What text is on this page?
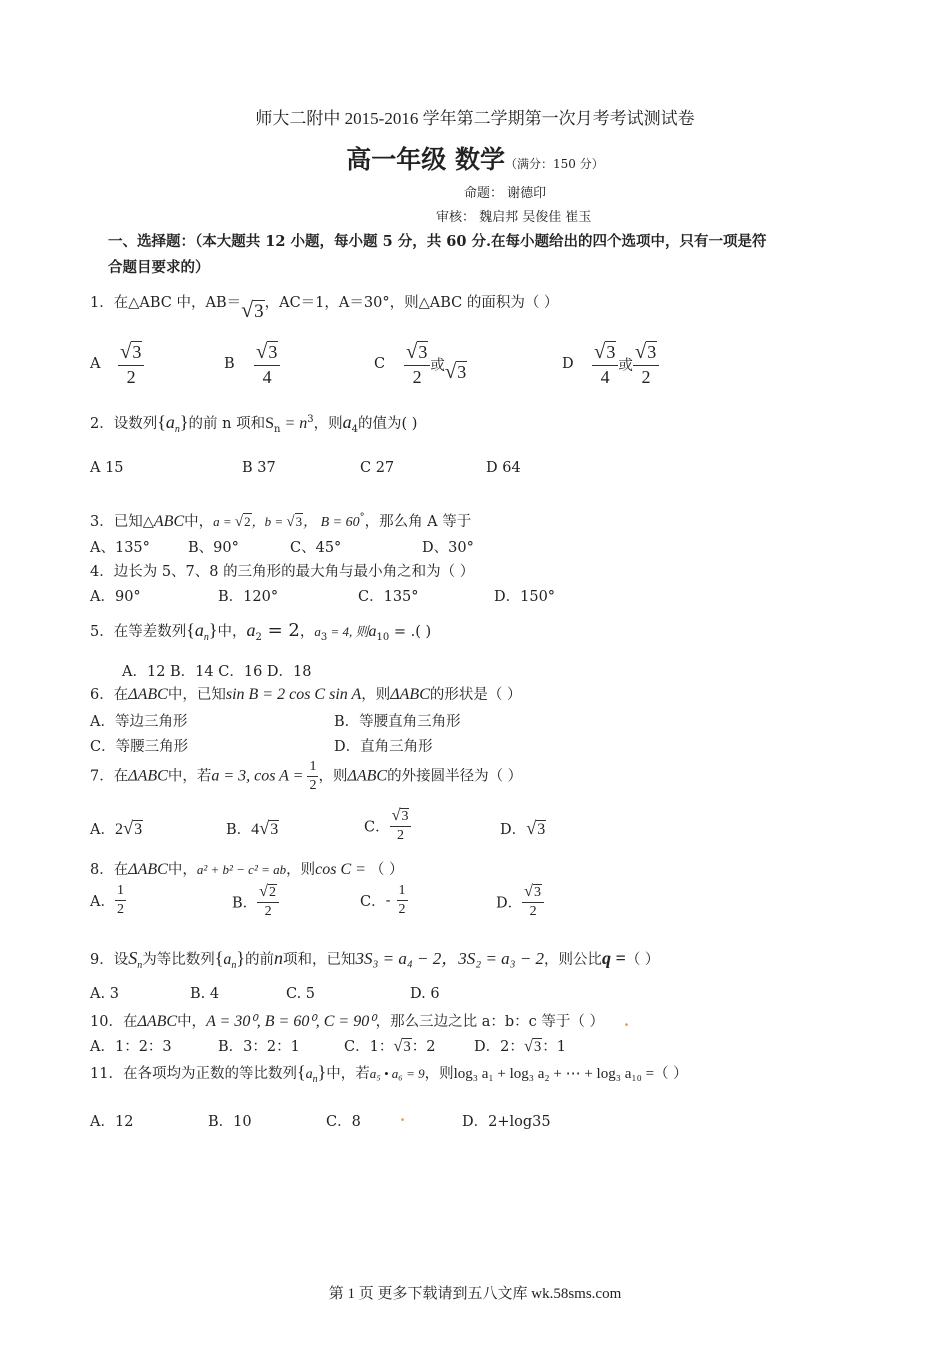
师大二附中 2015-2016 学年第二学期第一次月考考试测试卷
高一年级 数学（满分：150 分）
命题： 谢德印
审核： 魏启邦 吴俊佳 崔玉
一、选择题：（本大题共 12 小题，每小题 5 分，共 60 分.在每小题给出的四个选项中，只有一项是符
合题目要求的）
1．在△ABC 中，AB＝√3，AC＝1，A＝30°，则△ABC 的面积为（ ）
A $\frac{√3}{2}$	B $\frac{√3}{4}$	C $\frac{√3}{2}$ 或√3	D $\frac{√3}{4}$ 或 $\frac{√3}{2}$
2．设数列$\{a_n\}$的前 n 项和$S_n = n^3$，则$a_4$的值为( )
A 15	B 37	C 27	D 64
3．已知△ABC中，a = √2，b = √3， B = 60°，那么角 A 等于
A、135°	B、90°	C、45°	D、30°
4．边长为 5、7、8 的三角形的最大角与最小角之和为（ ）
A．90°	B．120°	C．135°	D．150°
5．在等差数列$\{a_n\}$中，$a_2 = 2$，$a_3 = 4$, 则$a_{10}$ = .( )
A．12 B．14 C．16 D．18
6．在ΔABC中，已知sin B = 2 cos C sin A，则ΔABC的形状是（ ）
A．等边三角形	B．等腰直角三角形
C．等腰三角形	D．直角三角形
7．在ΔABC中，若a = 3, $\cos A = \frac{1}{2}$ ，则ΔABC的外接圆半径为（ ）
A．2√3	B．4√3	C． $\frac{√3}{2}$	D．√3
8．在ΔABC中，a² + b² − c² = ab，则cos C = （ ）
A． $\frac{1}{2}$	B． $\frac{√2}{2}$	C．- $\frac{1}{2}$	D． $\frac{√3}{2}$
9．设$S_n$为等比数列$\{a_n\}$的前n项和，已知3S₃ = a₄ − 2，3S₂ = a₃ − 2，则公比q =（ ）
A. 3	B. 4	C. 5	D. 6
10．在ΔABC中，A = 30⁰, B = 60⁰, C = 90⁰，那么三边之比 a：b：c 等于（ ） .
A．1：2：3	B．3：2：1	C．1：√3：2	D．2：√3：1
11．在各项均为正数的等比数列$\{a_n\}$中，若a₅ • a₆ = 9，则log₃ a₁ + log₃ a₂ + ⋯ + log₃ a₁₀ =（ ）
A．12	B．10	C．8	.	D．2+log35
第 1 页 更多下载请到五八文库 wk.58sms.com
